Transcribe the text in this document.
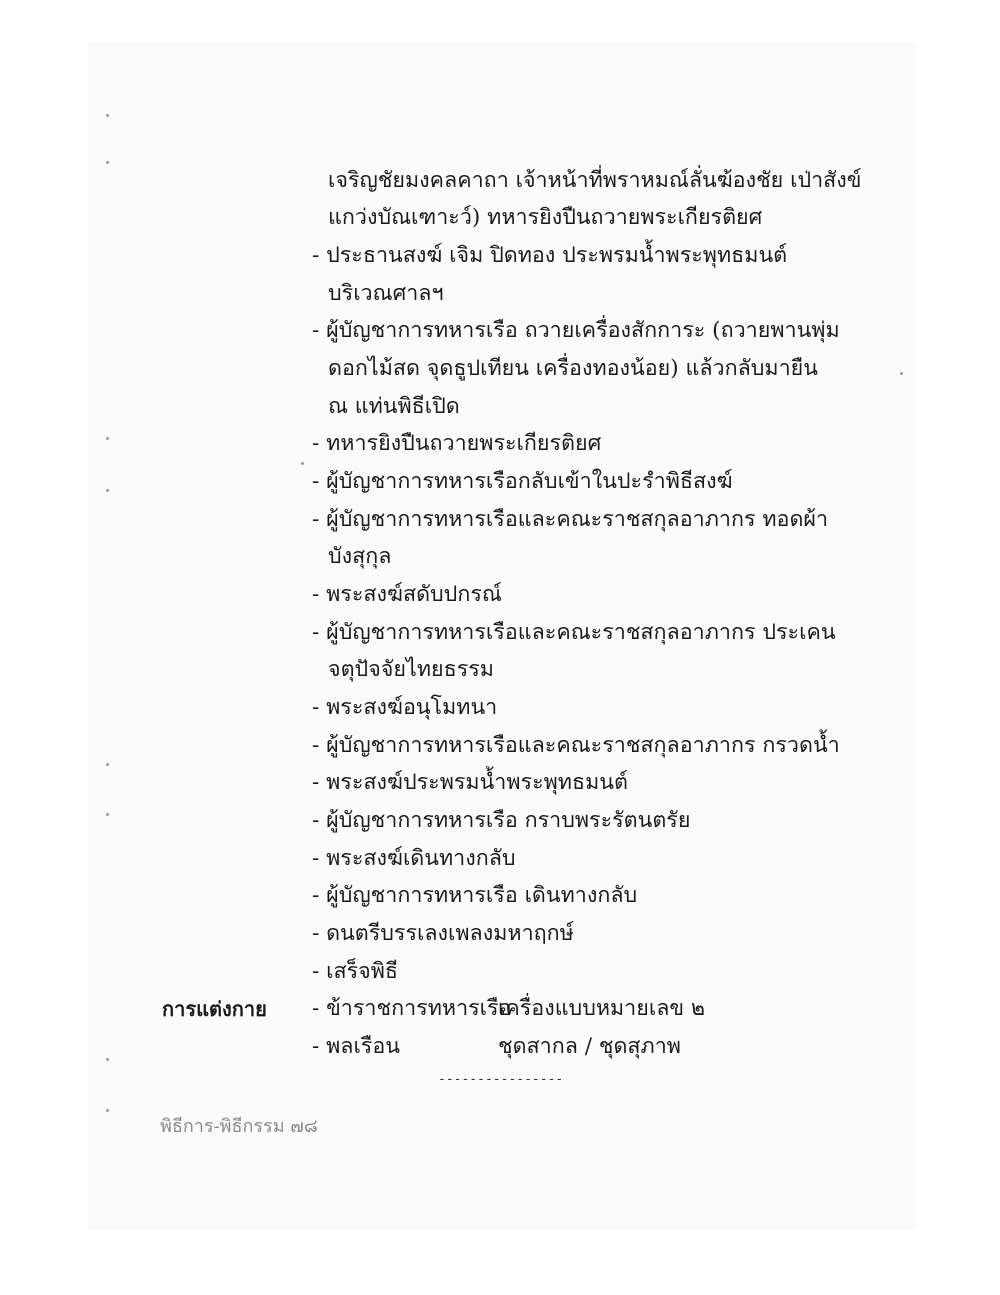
เจริญชัยมงคลคาถา เจ้าหน้าที่พราหมณ์ลั่นฆ้องชัย เป่าสังข์
แกว่งบัณเฑาะว์) ทหารยิงปืนถวายพระเกียรติยศ
- ประธานสงฆ์ เจิม ปิดทอง ประพรมน้ำพระพุทธมนต์
บริเวณศาลฯ
- ผู้บัญชาการทหารเรือ ถวายเครื่องสักการะ (ถวายพานพุ่ม
ดอกไม้สด จุดธูปเทียน เครื่องทองน้อย) แล้วกลับมายืน
ณ แท่นพิธีเปิด
- ทหารยิงปืนถวายพระเกียรติยศ
- ผู้บัญชาการทหารเรือกลับเข้าในปะรำพิธีสงฆ์
- ผู้บัญชาการทหารเรือและคณะราชสกุลอาภากร ทอดผ้า
บังสุกุล
- พระสงฆ์สดับปกรณ์
- ผู้บัญชาการทหารเรือและคณะราชสกุลอาภากร ประเคน
จตุปัจจัยไทยธรรม
- พระสงฆ์อนุโมทนา
- ผู้บัญชาการทหารเรือและคณะราชสกุลอาภากร กรวดน้ำ
- พระสงฆ์ประพรมน้ำพระพุทธมนต์
- ผู้บัญชาการทหารเรือ กราบพระรัตนตรัย
- พระสงฆ์เดินทางกลับ
- ผู้บัญชาการทหารเรือ เดินทางกลับ
- ดนตรีบรรเลงเพลงมหาฤกษ์
- เสร็จพิธี
การแต่งกาย - ข้าราชการทหารเรือ
เครื่องแบบหมายเลข ๒
- พลเรือน	ชุดสากล / ชุดสุภาพ
----------------
พิธีการ-พิธีกรรม ๗๘
